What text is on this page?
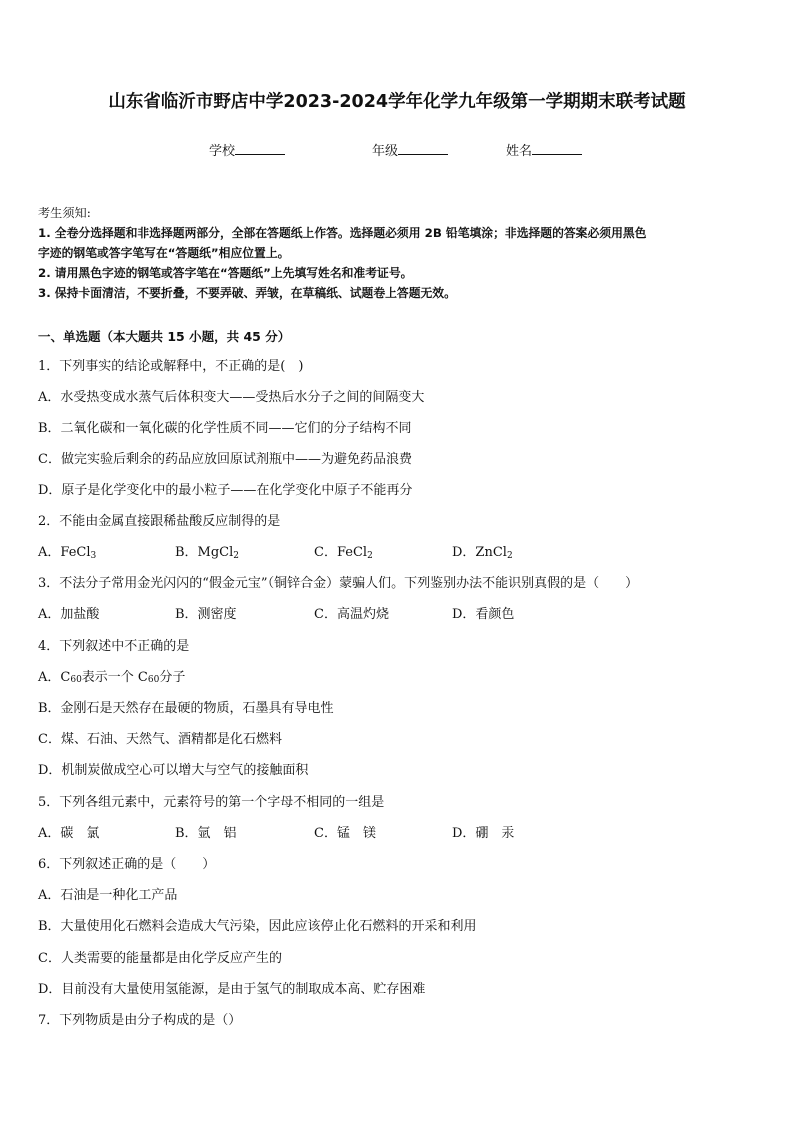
山东省临沂市野店中学2023-2024学年化学九年级第一学期期末联考试题
学校	年级	姓名
考生须知:
1. 全卷分选择题和非选择题两部分，全部在答题纸上作答。选择题必须用 2B 铅笔填涂；非选择题的答案必须用黑色
字迹的钢笔或答字笔写在“答题纸”相应位置上。
2. 请用黑色字迹的钢笔或答字笔在“答题纸”上先填写姓名和准考证号。
3. 保持卡面清洁，不要折叠，不要弄破、弄皱，在草稿纸、试题卷上答题无效。
一、单选题（本大题共 15 小题，共 45 分）
1．下列事实的结论或解释中，不正确的是(　)
A．水受热变成水蒸气后体积变大——受热后水分子之间的间隔变大
B．二氧化碳和一氧化碳的化学性质不同——它们的分子结构不同
C．做完实验后剩余的药品应放回原试剂瓶中——为避免药品浪费
D．原子是化学变化中的最小粒子——在化学变化中原子不能再分
2．不能由金属直接跟稀盐酸反应制得的是
A．FeCl$_3$	B．MgCl$_2$	C．FeCl$_2$	D．ZnCl$_2$
3．不法分子常用金光闪闪的“假金元宝”（铜锌合金）蒙骗人们。下列鉴别办法不能识别真假的是（　　）
A．加盐酸	B．测密度	C．高温灼烧	D．看颜色
4．下列叙述中不正确的是
A．$C_{60}$表示一个 $C_{60}$分子
B．金刚石是天然存在最硬的物质，石墨具有导电性
C．煤、石油、天然气、酒精都是化石燃料
D．机制炭做成空心可以增大与空气的接触面积
5．下列各组元素中，元素符号的第一个字母不相同的一组是
A．碳　氯	B．氩　铝	C．锰　镁	D．硼　汞
6．下列叙述正确的是（　　）
A．石油是一种化工产品
B．大量使用化石燃料会造成大气污染，因此应该停止化石燃料的开采和利用
C．人类需要的能量都是由化学反应产生的
D．目前没有大量使用氢能源，是由于氢气的制取成本高、贮存困难
7．下列物质是由分子构成的是（）
